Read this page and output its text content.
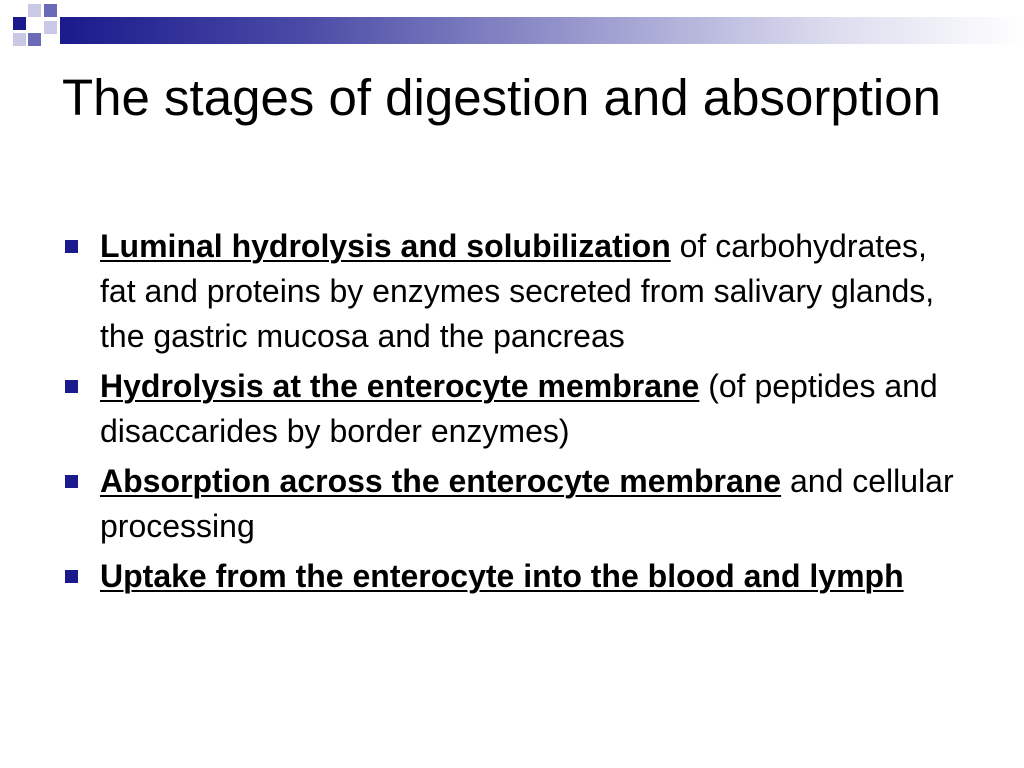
The stages of digestion and absorption
Luminal hydrolysis and solubilization of carbohydrates, fat and proteins by enzymes secreted from salivary glands, the gastric mucosa and the pancreas
Hydrolysis at the enterocyte membrane (of peptides and disaccarides by border enzymes)
Absorption across the enterocyte membrane and cellular processing
Uptake from the enterocyte into the blood and lymph
